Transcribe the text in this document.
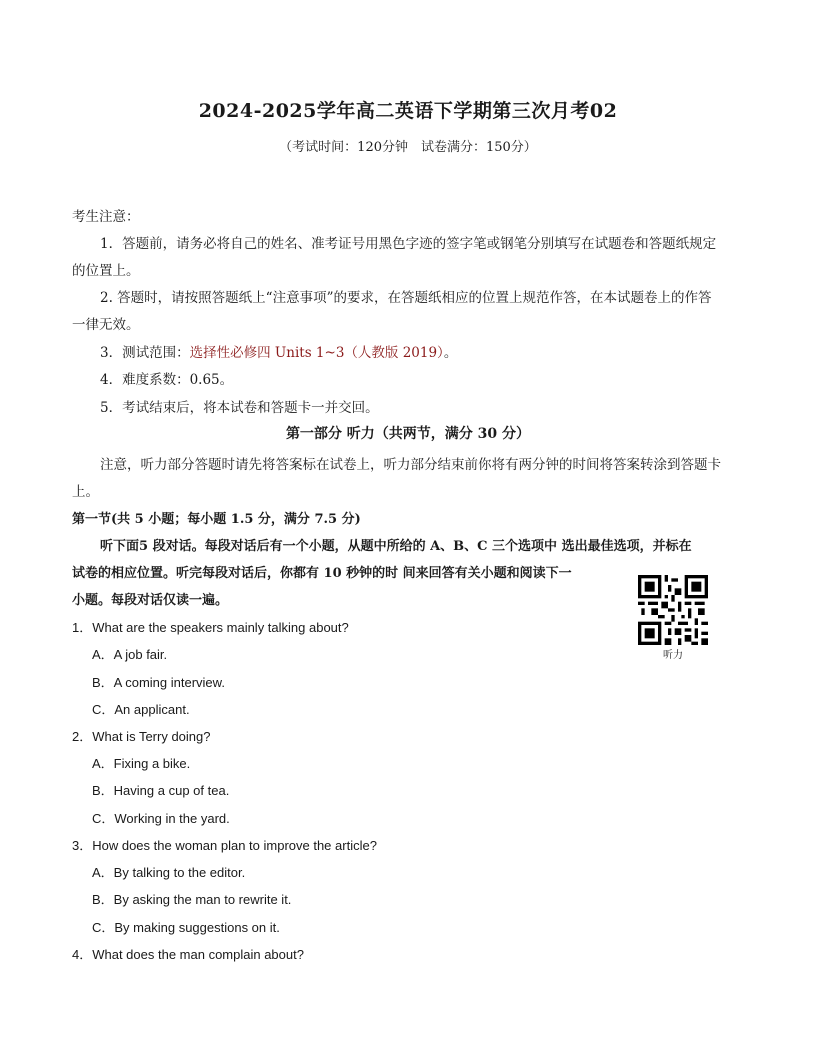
2024-2025学年高二英语下学期第三次月考02
（考试时间：120分钟　试卷满分：150分）
考生注意：
1．答题前，请务必将自己的姓名、准考证号用黑色字迹的签字笔或钢笔分别填写在试题卷和答题纸规定
的位置上。
2. 答题时，请按照答题纸上“注意事项”的要求，在答题纸相应的位置上规范作答，在本试题卷上的作答
一律无效。
3．测试范围：选择性必修四 Units 1~3（人教版 2019）。
4．难度系数：0.65。
5．考试结束后，将本试卷和答题卡一并交回。
第一部分 听力（共两节，满分 30 分）
注意，听力部分答题时请先将答案标在试卷上，听力部分结束前你将有两分钟的时间将答案转涂到答题卡
上。
第一节(共 5 小题；每小题 1.5 分，满分 7.5 分)
听下面5 段对话。每段对话后有一个小题，从题中所给的 A、B、C 三个选项中 选出最佳选项，并标在
试卷的相应位置。听完每段对话后，你都有 10 秒钟的时 间来回答有关小题和阅读下一
小题。每段对话仅读一遍。
听力
1．What are the speakers mainly talking about?
A．A job fair.
B．A coming interview.
C．An applicant.
2．What is Terry doing?
A．Fixing a bike.
B．Having a cup of tea.
C．Working in the yard.
3．How does the woman plan to improve the article?
A．By talking to the editor.
B．By asking the man to rewrite it.
C．By making suggestions on it.
4．What does the man complain about?
